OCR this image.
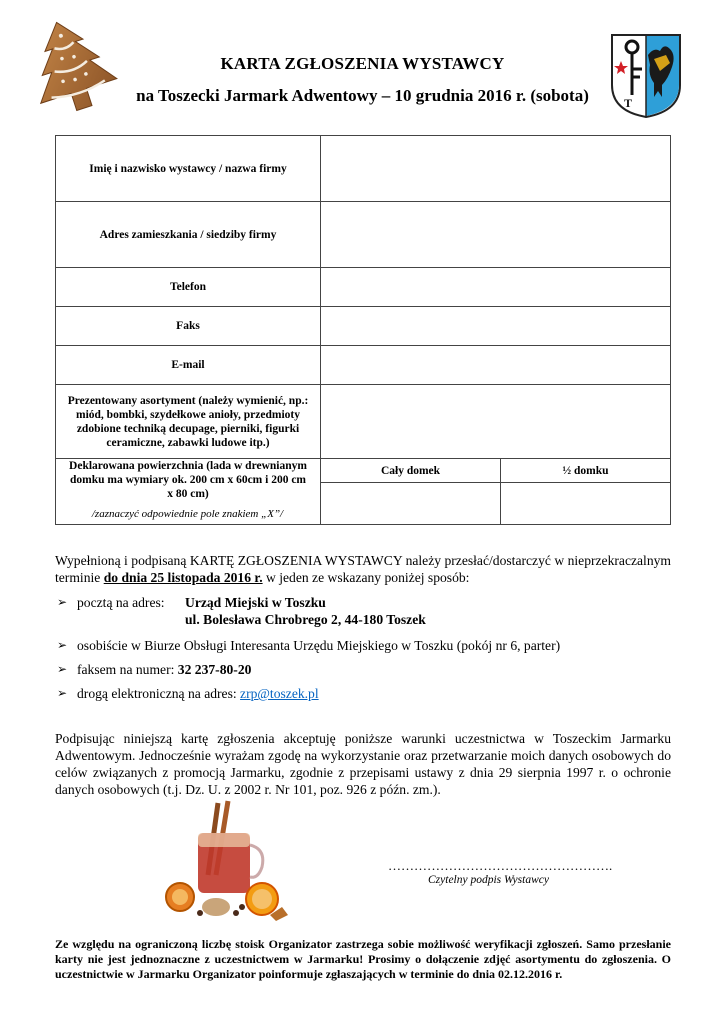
T
KARTA ZGŁOSZENIA WYSTAWCY
na Toszecki Jarmark Adwentowy – 10 grudnia 2016 r. (sobota)
Imię i nazwisko wystawcy / nazwa firmy		
Adres zamieszkania / siedziby firmy		
Telefon		
Faks		
E-mail		
Prezentowany asortyment (należy wymienić, np.: miód, bombki, szydełkowe anioły, przedmioty zdobione techniką decupage, pierniki, figurki ceramiczne, zabawki ludowe itp.)		
Deklarowana powierzchnia (lada w drewnianym domku ma wymiary ok. 200 cm x 60cm i 200 cm x 80 cm)	Cały domek	½ domku

/zaznaczyć odpowiednie pole znakiem „X”/

Wypełnioną i podpisaną KARTĘ ZGŁOSZENIA WYSTAWCY należy przesłać/dostarczyć w nieprzekraczalnym terminie do dnia 25 listopada 2016 r. w jeden ze wskazany poniżej sposób:

➢ pocztą na adres: Urząd Miejski w Toszku
ul. Bolesława Chrobrego 2, 44-180 Toszek
➢ osobiście w Biurze Obsługi Interesanta Urzędu Miejskiego w Toszku (pokój nr 6, parter)
➢ faksem na numer: 32 237-80-20
➢ drogą elektroniczną na adres: zrp@toszek.pl

Podpisując niniejszą kartę zgłoszenia akceptuję poniższe warunki uczestnictwa w Toszeckim Jarmarku Adwentowym. Jednocześnie wyrażam zgodę na wykorzystanie oraz przetwarzanie moich danych osobowych do celów związanych z promocją Jarmarku, zgodnie z przepisami ustawy z dnia 29 sierpnia 1997 r. o ochronie danych osobowych (t.j. Dz. U. z 2002 r. Nr 101, poz. 926 z późn. zm.).

…………………………………………….
Czytelny podpis Wystawcy
Ze względu na ograniczoną liczbę stoisk Organizator zastrzega sobie możliwość weryfikacji zgłoszeń. Samo przesłanie karty nie jest jednoznaczne z uczestnictwem w Jarmarku! Prosimy o dołączenie zdjęć asortymentu do zgłoszenia. O uczestnictwie w Jarmarku Organizator poinformuje zgłaszających w terminie do dnia 02.12.2016 r.
